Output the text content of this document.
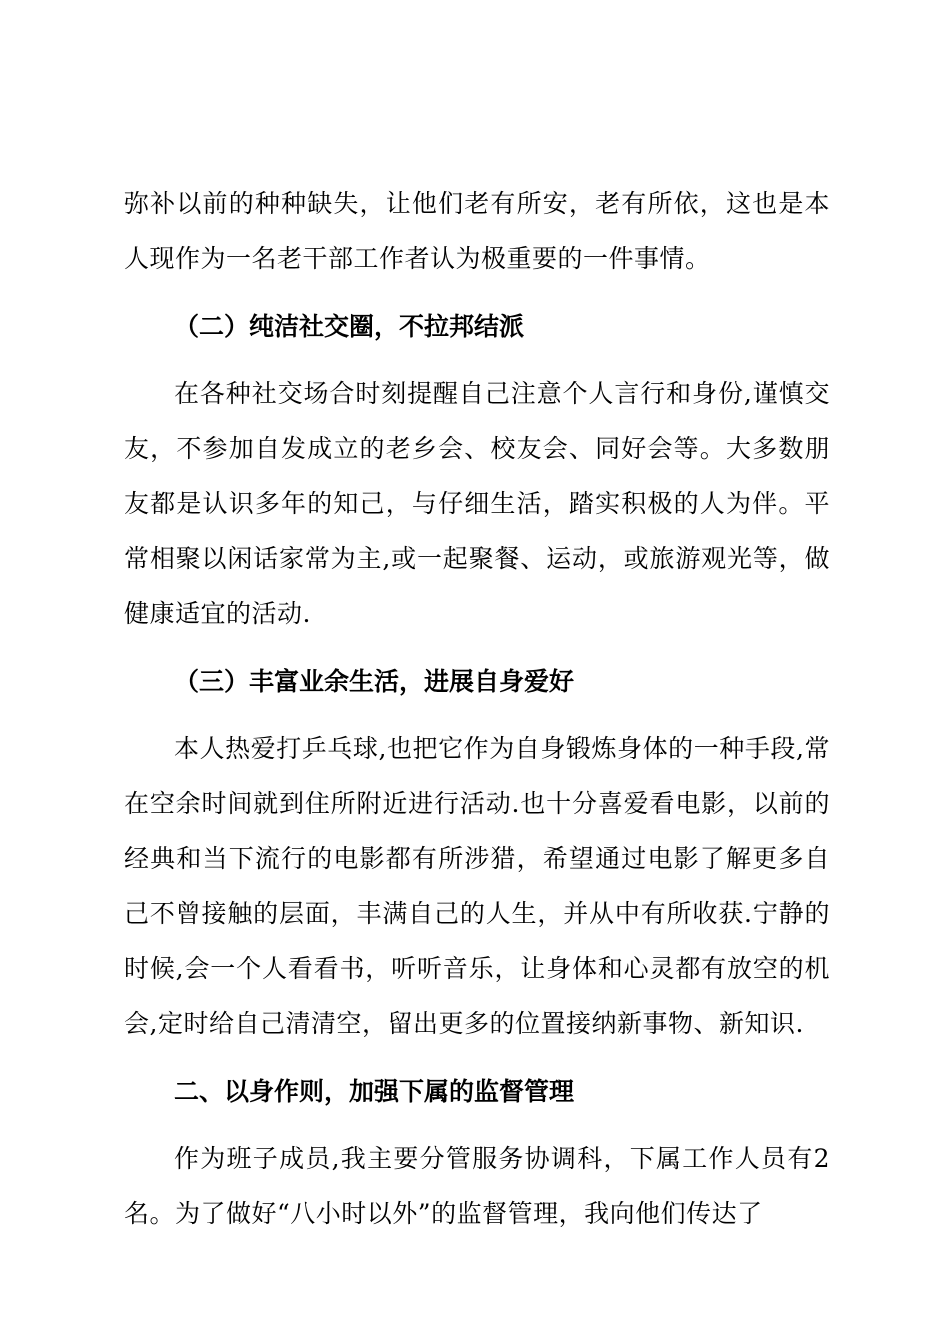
弥补以前的种种缺失，让他们老有所安，老有所依，这也是本人现作为一名老干部工作者认为极重要的一件事情。

（二）纯洁社交圈，不拉邦结派

在各种社交场合时刻提醒自己注意个人言行和身份,谨慎交友，不参加自发成立的老乡会、校友会、同好会等。大多数朋友都是认识多年的知己，与仔细生活，踏实积极的人为伴。平常相聚以闲话家常为主,或一起聚餐、运动，或旅游观光等，做健康适宜的活动.

（三）丰富业余生活，进展自身爱好

本人热爱打乒乓球,也把它作为自身锻炼身体的一种手段,常在空余时间就到住所附近进行活动.也十分喜爱看电影，以前的经典和当下流行的电影都有所涉猎，希望通过电影了解更多自己不曾接触的层面，丰满自己的人生，并从中有所收获.宁静的时候,会一个人看看书，听听音乐，让身体和心灵都有放空的机会,定时给自己清清空，留出更多的位置接纳新事物、新知识.

二、以身作则，加强下属的监督管理

作为班子成员,我主要分管服务协调科，下属工作人员有2名。为了做好“八小时以外”的监督管理，我向他们传达了
